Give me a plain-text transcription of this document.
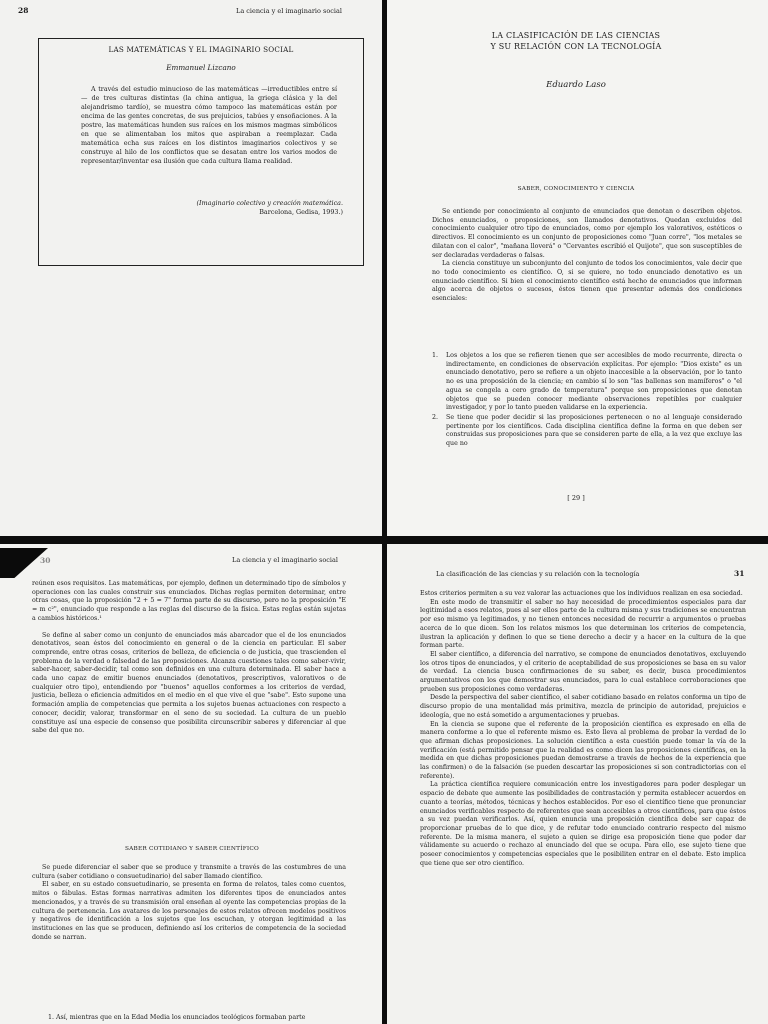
28	La ciencia y el imaginario social
LAS MATEMÁTICAS Y EL IMAGINARIO SOCIAL
Emmanuel Lizcano
A través del estudio minucioso de las matemáticas —irreductibles entre sí— de tres culturas distintas (la china antigua, la griega clásica y la del alejandrismo tardío), se muestra cómo tampoco las matemáticas están por encima de las gentes concretas, de sus prejuicios, tabúes y ensoñaciones. A la postre, las matemáticas hunden sus raíces en los mismos magmas simbólicos en que se alimentaban los mitos que aspiraban a reemplazar. Cada matemática echa sus raíces en los distintos imaginarios colectivos y se construye al hilo de los conflictos que se desatan entre los varios modos de representar/inventar esa ilusión que cada cultura llama realidad.
(Imaginario colectivo y creación matemática.
Barcelona, Gedisa, 1993.)
LA CLASIFICACIÓN DE LAS CIENCIAS
Y SU RELACIÓN CON LA TECNOLOGÍA
Eduardo Laso
SABER, CONOCIMIENTO Y CIENCIA

Se entiende por conocimiento al conjunto de enunciados que denotan o describen objetos. Dichos enunciados, o proposiciones, son llamados denotativos. Quedan excluidos del conocimiento cualquier otro tipo de enunciados, como por ejemplo los valorativos, estéticos o directivos. El conocimiento es un conjunto de proposiciones como "Juan corre", "los metales se dilatan con el calor", "mañana lloverá" o "Cervantes escribió el Quijote", que son susceptibles de ser declaradas verdaderas o falsas.

La ciencia constituye un subconjunto del conjunto de todos los conocimientos, vale decir que no todo conocimiento es científico. O, si se quiere, no todo enunciado denotativo es un enunciado científico. Si bien el conocimiento científico está hecho de enunciados que informan algo acerca de objetos o sucesos, éstos tienen que presentar además dos condiciones esenciales:

1. Los objetos a los que se refieren tienen que ser accesibles de modo recurrente, directa o indirectamente, en condiciones de observación explícitas. Por ejemplo: "Dios existe" es un enunciado denotativo, pero se refiere a un objeto inaccesible a la observación, por lo tanto no es una proposición de la ciencia; en cambio sí lo son "las ballenas son mamíferos" o "el agua se congela a cero grado de temperatura" porque son proposiciones que denotan objetos que se pueden conocer mediante observaciones repetibles por cualquier investigador, y por lo tanto pueden validarse en la experiencia.
2. Se tiene que poder decidir si las proposiciones pertenecen o no al lenguaje considerado pertinente por los científicos. Cada disciplina científica define la forma en que deben ser construidas sus proposiciones para que se consideren parte de ella, a la vez que excluye las que no
[ 29 ]
30	La ciencia y el imaginario social

reúnen esos requisitos. Las matemáticas, por ejemplo, definen un determinado tipo de símbolos y operaciones con las cuales construir sus enunciados. Dichas reglas permiten determinar, entre otras cosas, que la proposición "2 + 5 = 7" forma parte de su discurso, pero no la proposición "E = m c²", enunciado que responde a las reglas del discurso de la física. Estas reglas están sujetas a cambios históricos.¹

Se define al saber como un conjunto de enunciados más abarcador que el de los enunciados denotativos, sean éstos del conocimiento en general o de la ciencia en particular. El saber comprende, entre otras cosas, criterios de belleza, de eficiencia o de justicia, que trascienden el problema de la verdad o falsedad de las proposiciones. Alcanza cuestiones tales como saber-vivir, saber-hacer, saber-decidir, tal como son definidos en una cultura determinada. El saber hace a cada uno capaz de emitir buenos enunciados (denotativos, prescriptivos, valorativos o de cualquier otro tipo), entendiendo por "buenos" aquellos conformes a los criterios de verdad, justicia, belleza o eficiencia admitidos en el medio en el que vive el que "sabe". Esto supone una formación amplia de competencias que permita a los sujetos buenas actuaciones con respecto a conocer, decidir, valorar, transformar en el seno de su sociedad. La cultura de un pueblo constituye así una especie de consenso que posibilita circunscribir saberes y diferenciar al que sabe del que no.

SABER COTIDIANO Y SABER CIENTÍFICO

Se puede diferenciar el saber que se produce y transmite a través de las costumbres de una cultura (saber cotidiano o consuetudinario) del saber llamado científico.

El saber, en su estado consuetudinario, se presenta en forma de relatos, tales como cuentos, mitos o fábulas. Estas formas narrativas admiten los diferentes tipos de enunciados antes mencionados, y a través de su transmisión oral enseñan al oyente las competencias propias de la cultura de pertenencia. Los avatares de los personajes de estos relatos ofrecen modelos positivos y negativos de identificación a los sujetos que los escuchan, y otorgan legitimidad a las instituciones en las que se producen, definiendo así los criterios de competencia de la sociedad donde se narran.

1. Así, mientras que en la Edad Media los enunciados teológicos formaban parte
La clasificación de las ciencias y su relación con la tecnología	31

Estos criterios permiten a su vez valorar las actuaciones que los individuos realizan en esa sociedad.

En este modo de transmitir el saber no hay necesidad de procedimientos especiales para dar legitimidad a esos relatos, pues al ser ellos parte de la cultura misma y sus tradiciones se encuentran por eso mismo ya legitimados, y no tienen entonces necesidad de recurrir a argumentos o pruebas acerca de lo que dicen. Son los relatos mismos los que determinan los criterios de competencia, ilustran la aplicación y definen lo que se tiene derecho a decir y a hacer en la cultura de la que forman parte.

El saber científico, a diferencia del narrativo, se compone de enunciados denotativos, excluyendo los otros tipos de enunciados, y el criterio de aceptabilidad de sus proposiciones se basa en su valor de verdad. La ciencia busca confirmaciones de su saber, es decir, busca procedimientos argumentativos con los que demostrar sus enunciados, para lo cual establece corroboraciones que prueben sus proposiciones como verdaderas.

Desde la perspectiva del saber científico, el saber cotidiano basado en relatos conforma un tipo de discurso propio de una mentalidad más primitiva, mezcla de principio de autoridad, prejuicios e ideología, que no está sometido a argumentaciones y pruebas.

En la ciencia se supone que el referente de la proposición científica es expresado en ella de manera conforme a lo que el referente mismo es. Esto lleva al problema de probar la verdad de lo que afirman dichas proposiciones. La solución científica a esta cuestión puede tomar la vía de la verificación (está permitido pensar que la realidad es como dicen las proposiciones científicas, en la medida en que dichas proposiciones puedan demostrarse a través de hechos de la experiencia que las confirmen) o de la falsación (se pueden descartar las proposiciones si son contradictorias con el referente).

La práctica científica requiere comunicación entre los investigadores para poder desplegar un espacio de debate que aumente las posibilidades de contrastación y permita establecer acuerdos en cuanto a teorías, métodos, técnicas y hechos establecidos. Por eso el científico tiene que pronunciar enunciados verificables respecto de referentes que sean accesibles a otros científicos, para que éstos a su vez puedan verificarlos. Así, quien enuncia una proposición científica debe ser capaz de proporcionar pruebas de lo que dice, y de refutar todo enunciado contrario respecto del mismo referente. De la misma manera, el sujeto a quien se dirige esa proposición tiene que poder dar válidamente su acuerdo o rechazo al enunciado del que se ocupa. Para ello, ese sujeto tiene que poseer conocimientos y competencias especiales que le posibiliten entrar en el debate. Esto implica que tiene que ser otro científico.
